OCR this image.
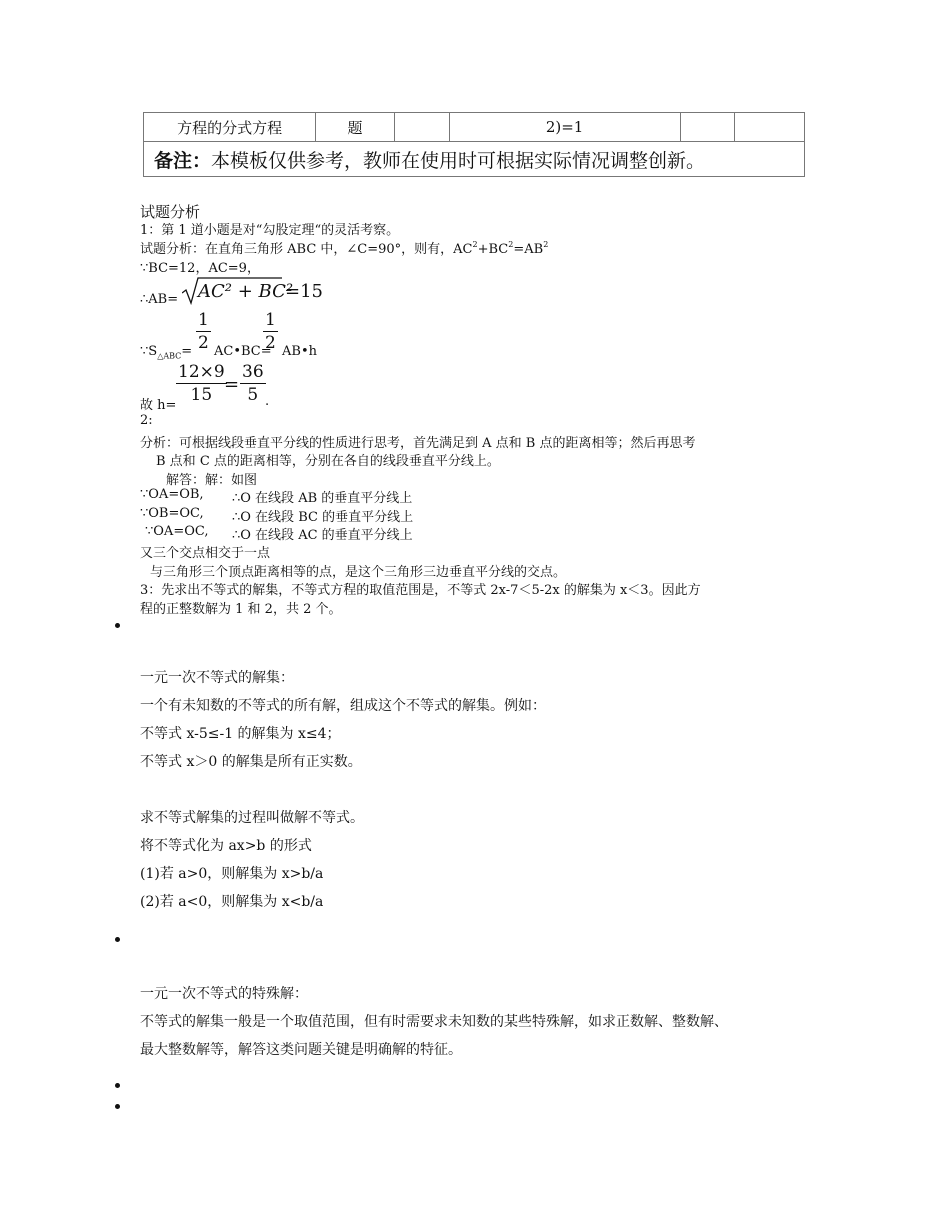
方程的分式方程	题		2)=1		
备注：本模板仅供参考，教师在使用时可根据实际情况调整创新。
试题分析
1：第 1 道小题是对“勾股定理“的灵活考察。
试题分析：在直角三角形 ABC 中，∠C=90°，则有，$AC^2+BC^2=AB^2$
∵BC=12，AC=9，
∴AB= AC² + BC²
=15
$\because S_{\triangle ABC}= \frac{1}{2}$ AC•BC=
$\frac{1}{2}$ AB•h
故 h=
$\frac{12\times 9}{15}$
= $\frac{36}{5}$ .
2:
分析：可根据线段垂直平分线的性质进行思考，首先满足到 A 点和 B 点的距离相等；然后再思考
B 点和 C 点的距离相等，分别在各自的线段垂直平分线上。
解答：解：如图
∵OA=OB, ∴O 在线段 AB 的垂直平分线上
∵OB=OC, ∴O 在线段 BC 的垂直平分线上
∵OA=OC, ∴O 在线段 AC 的垂直平分线上
又三个交点相交于一点
与三角形三个顶点距离相等的点，是这个三角形三边垂直平分线的交点。
3：先求出不等式的解集，不等式方程的取值范围是，不等式 2x-7＜5-2x 的解集为 x＜3。因此方
程的正整数解为 1 和 2，共 2 个。
一元一次不等式的解集：
一个有未知数的不等式的所有解，组成这个不等式的解集。例如：
不等式 x-5≤-1 的解集为 x≤4；
不等式 x＞0 的解集是所有正实数。
求不等式解集的过程叫做解不等式。
将不等式化为 ax>b 的形式
(1)若 a>0，则解集为 x>b/a
(2)若 a<0，则解集为 x<b/a
一元一次不等式的特殊解：
不等式的解集一般是一个取值范围，但有时需要求未知数的某些特殊解，如求正数解、整数解、
最大整数解等，解答这类问题关键是明确解的特征。
